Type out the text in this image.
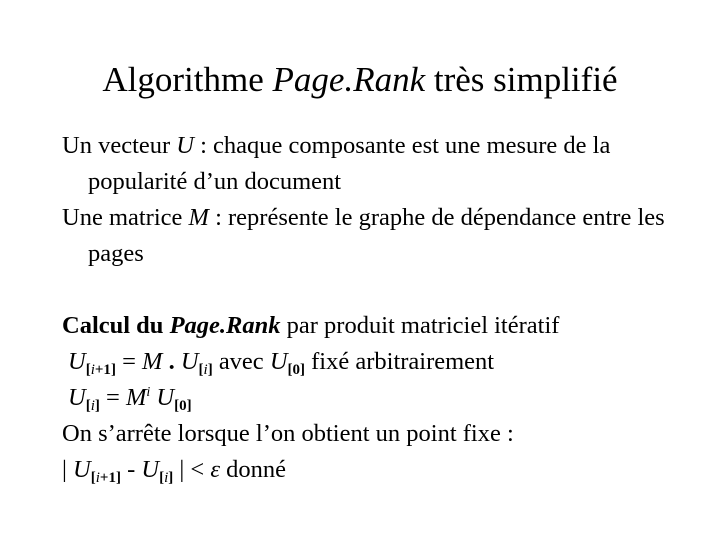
Algorithme Page.Rank très simplifié

Un vecteur U : chaque composante est une mesure de la popularité d’un document

Une matrice M : représente le graphe de dépendance entre les pages

Calcul du Page.Rank par produit matriciel itératif
$U_{[i+1]} = M$ . $U_{[i]}$ avec $U_{[0]}$ fixé arbitrairement
$U_{[i]} = M^i$ $U_{[0]}$
On s’arrête lorsque l’on obtient un point fixe :
| $U_{[i+1]} - U_{[i]}$ | < ε donné
